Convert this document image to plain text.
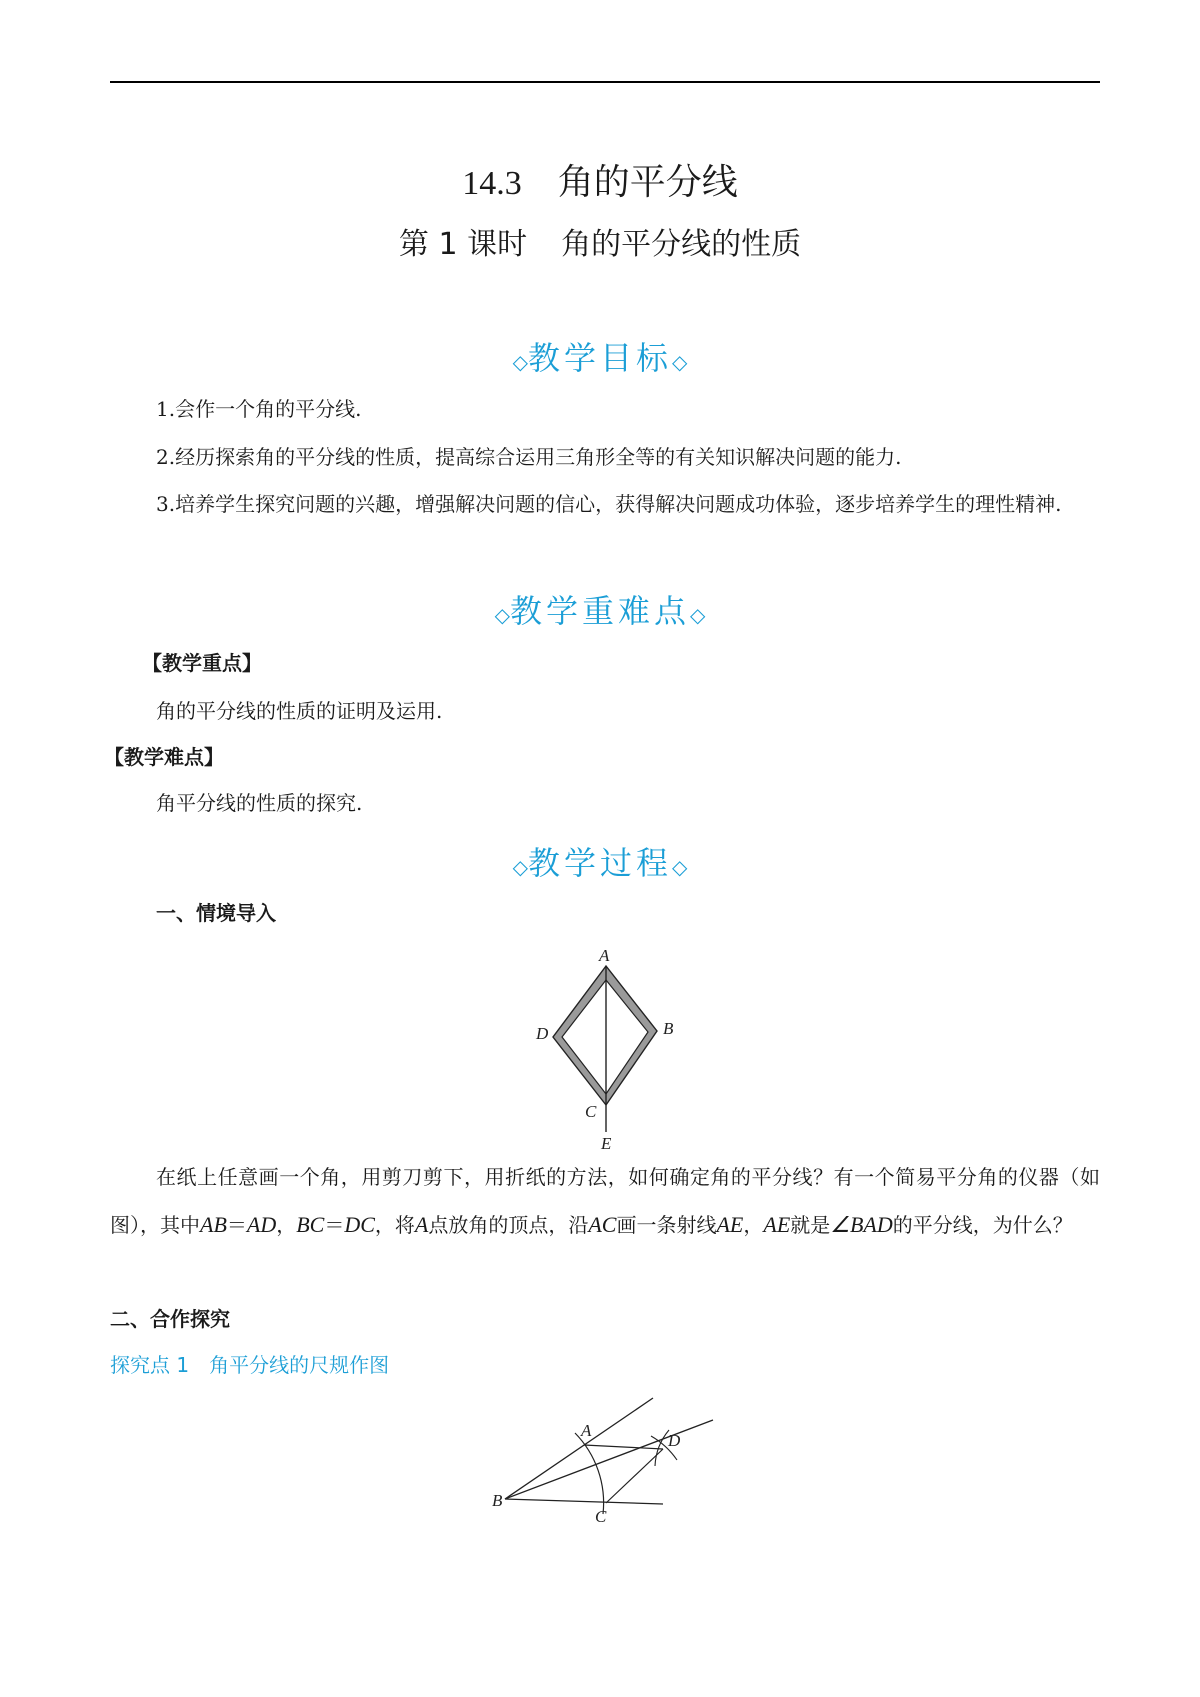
14.3 角的平分线
第 1 课时 角的平分线的性质
◇教学目标◇

1.会作一个角的平分线.

2.经历探索角的平分线的性质，提高综合运用三角形全等的有关知识解决问题的能力.

3.培养学生探究问题的兴趣，增强解决问题的信心，获得解决问题成功体验，逐步培养学生的理性精神.

◇教学重难点◇

【教学重点】

角的平分线的性质的证明及运用.

【教学难点】

角平分线的性质的探究.

◇教学过程◇

一、情境导入

A
B
C
D
E

在纸上任意画一个角，用剪刀剪下，用折纸的方法，如何确定角的平分线？有一个简易平分角的仪器（如图），其中AB＝AD，BC＝DC，将A点放角的顶点，沿AC画一条射线AE，AE就是∠BAD的平分线，为什么？

二、合作探究

探究点 1　角平分线的尺规作图

A
B
C
D
